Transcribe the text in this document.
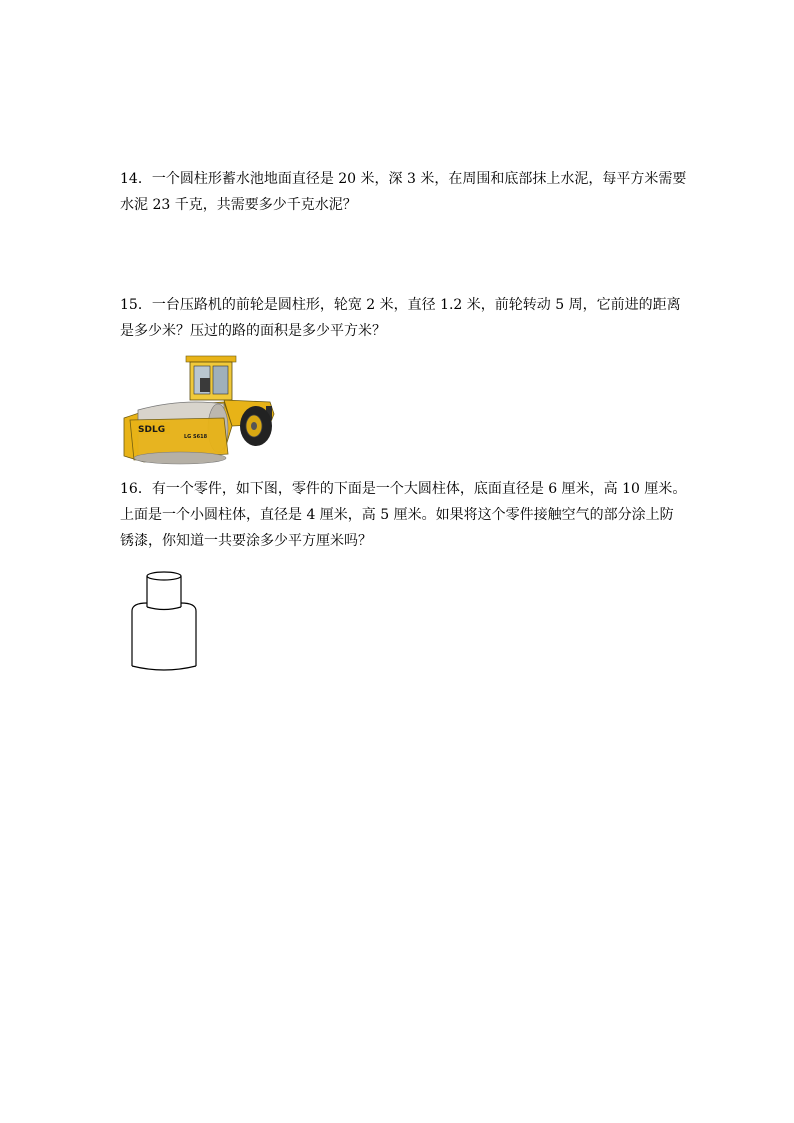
14．一个圆柱形蓄水池地面直径是 20 米，深 3 米，在周围和底部抹上水泥，每平方米需要

水泥 23 千克，共需要多少千克水泥？

15．一台压路机的前轮是圆柱形，轮宽 2 米，直径 1.2 米，前轮转动 5 周，它前进的距离

是多少米？压过的路的面积是多少平方米？

SDLG
LG S618

16．有一个零件，如下图，零件的下面是一个大圆柱体，底面直径是 6 厘米，高 10 厘米。

上面是一个小圆柱体，直径是 4 厘米，高 5 厘米。如果将这个零件接触空气的部分涂上防

锈漆，你知道一共要涂多少平方厘米吗？
